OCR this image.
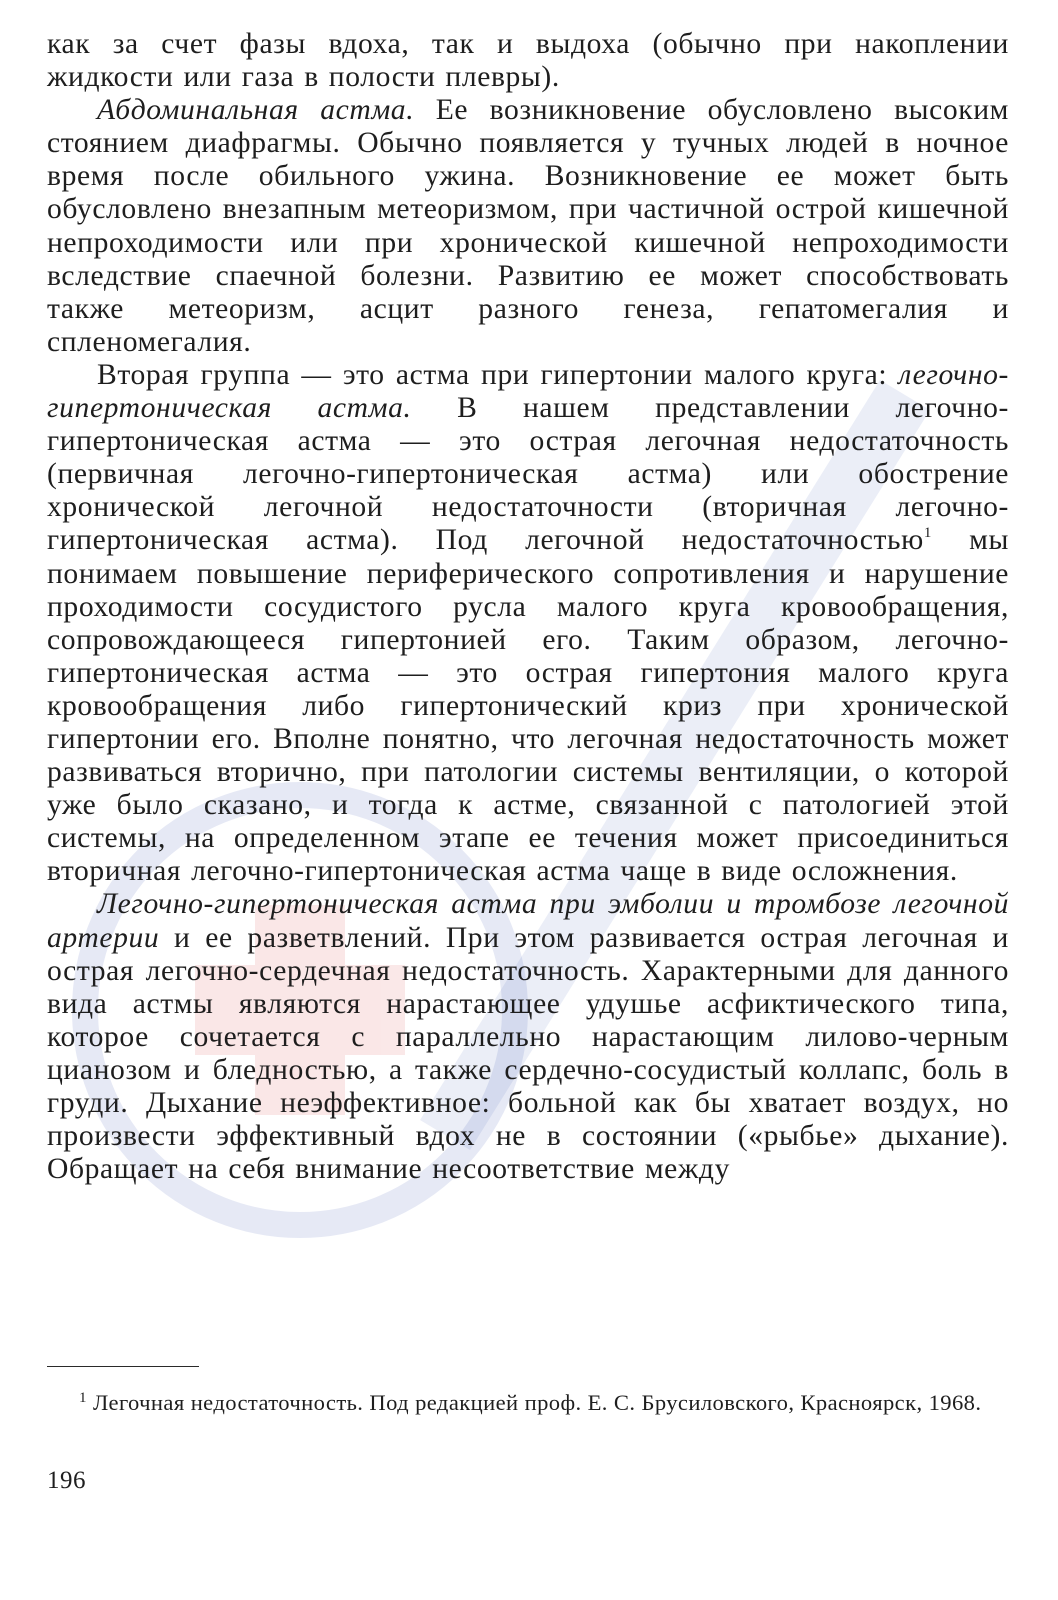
как за счет фазы вдоха, так и выдоха (обычно при накоплении жидкости или газа в полости плевры).

Абдоминальная астма. Ее возникновение обусловлено высоким стоянием диафрагмы. Обычно появляется у тучных людей в ночное время после обильного ужина. Возникновение ее может быть обусловлено внезапным метеоризмом, при частичной острой кишечной непроходимости или при хронической кишечной непроходимости вследствие спаечной болезни. Развитию ее может способствовать также метеоризм, асцит разного генеза, гепатомегалия и спленомегалия.

Вторая группа — это астма при гипертонии малого круга: легочно-гипертоническая астма. В нашем представлении легочно-гипертоническая астма — это острая легочная недостаточность (первичная легочно-гипертоническая астма) или обострение хронической легочной недостаточности (вторичная легочно-гипертоническая астма). Под легочной недостаточностью$^1$ мы понимаем повышение периферического сопротивления и нарушение проходимости сосудистого русла малого круга кровообращения, сопровождающееся гипертонией его. Таким образом, легочно-гипертоническая астма — это острая гипертония малого круга кровообращения либо гипертонический криз при хронической гипертонии его. Вполне понятно, что легочная недостаточность может развиваться вторично, при патологии системы вентиляции, о которой уже было сказано, и тогда к астме, связанной с патологией этой системы, на определенном этапе ее течения может присоединиться вторичная легочно-гипертоническая астма чаще в виде осложнения.

Легочно-гипертоническая астма при эмболии и тромбозе легочной артерии и ее разветвлений. При этом развивается острая легочная и острая легочно-сердечная недостаточность. Характерными для данного вида астмы являются нарастающее удушье асфиктического типа, которое сочетается с параллельно нарастающим лилово-черным цианозом и бледностью, а также сердечно-сосудистый коллапс, боль в груди. Дыхание неэффективное: больной как бы хватает воздух, но произвести эффективный вдох не в состоянии («рыбье» дыхание). Обращает на себя внимание несоответствие между

$^1$ Легочная недостаточность. Под редакцией проф. Е. С. Брусиловского, Красноярск, 1968.

196
